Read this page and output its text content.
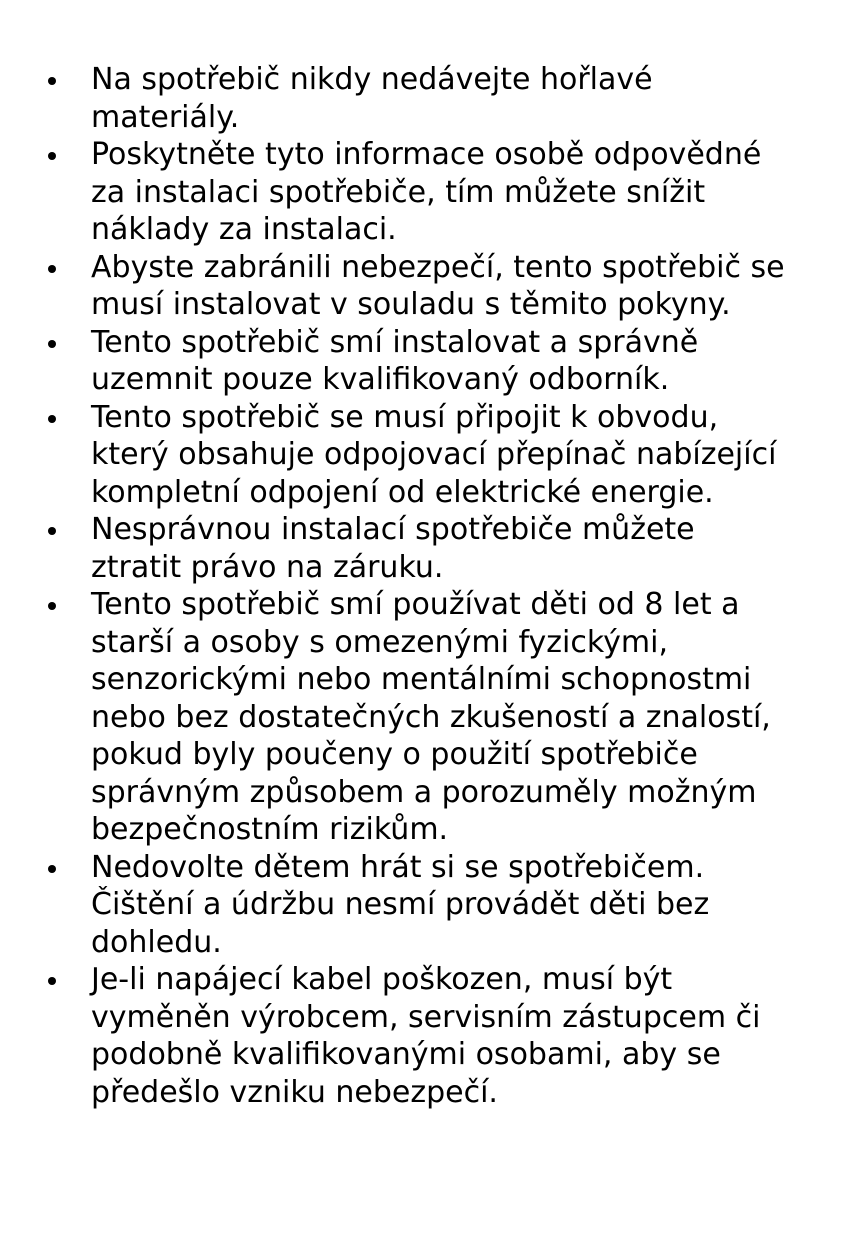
Na spotřebič nikdy nedávejte hořlavé
materiály.
Poskytněte tyto informace osobě odpovědné
za instalaci spotřebiče, tím můžete snížit
náklady za instalaci.
Abyste zabránili nebezpečí, tento spotřebič se
musí instalovat v souladu s těmito pokyny.
Tento spotřebič smí instalovat a správně
uzemnit pouze kvalifikovaný odborník.
Tento spotřebič se musí připojit k obvodu,
který obsahuje odpojovací přepínač nabízející
kompletní odpojení od elektrické energie.
Nesprávnou instalací spotřebiče můžete
ztratit právo na záruku.
Tento spotřebič smí používat děti od 8 let a
starší a osoby s omezenými fyzickými,
senzorickými nebo mentálními schopnostmi
nebo bez dostatečných zkušeností a znalostí,
pokud byly poučeny o použití spotřebiče
správným způsobem a porozuměly možným
bezpečnostním rizikům.
Nedovolte dětem hrát si se spotřebičem.
Čištění a údržbu nesmí provádět děti bez
dohledu.
Je-li napájecí kabel poškozen, musí být
vyměněn výrobcem, servisním zástupcem či
podobně kvalifikovanými osobami, aby se
předešlo vzniku nebezpečí.
